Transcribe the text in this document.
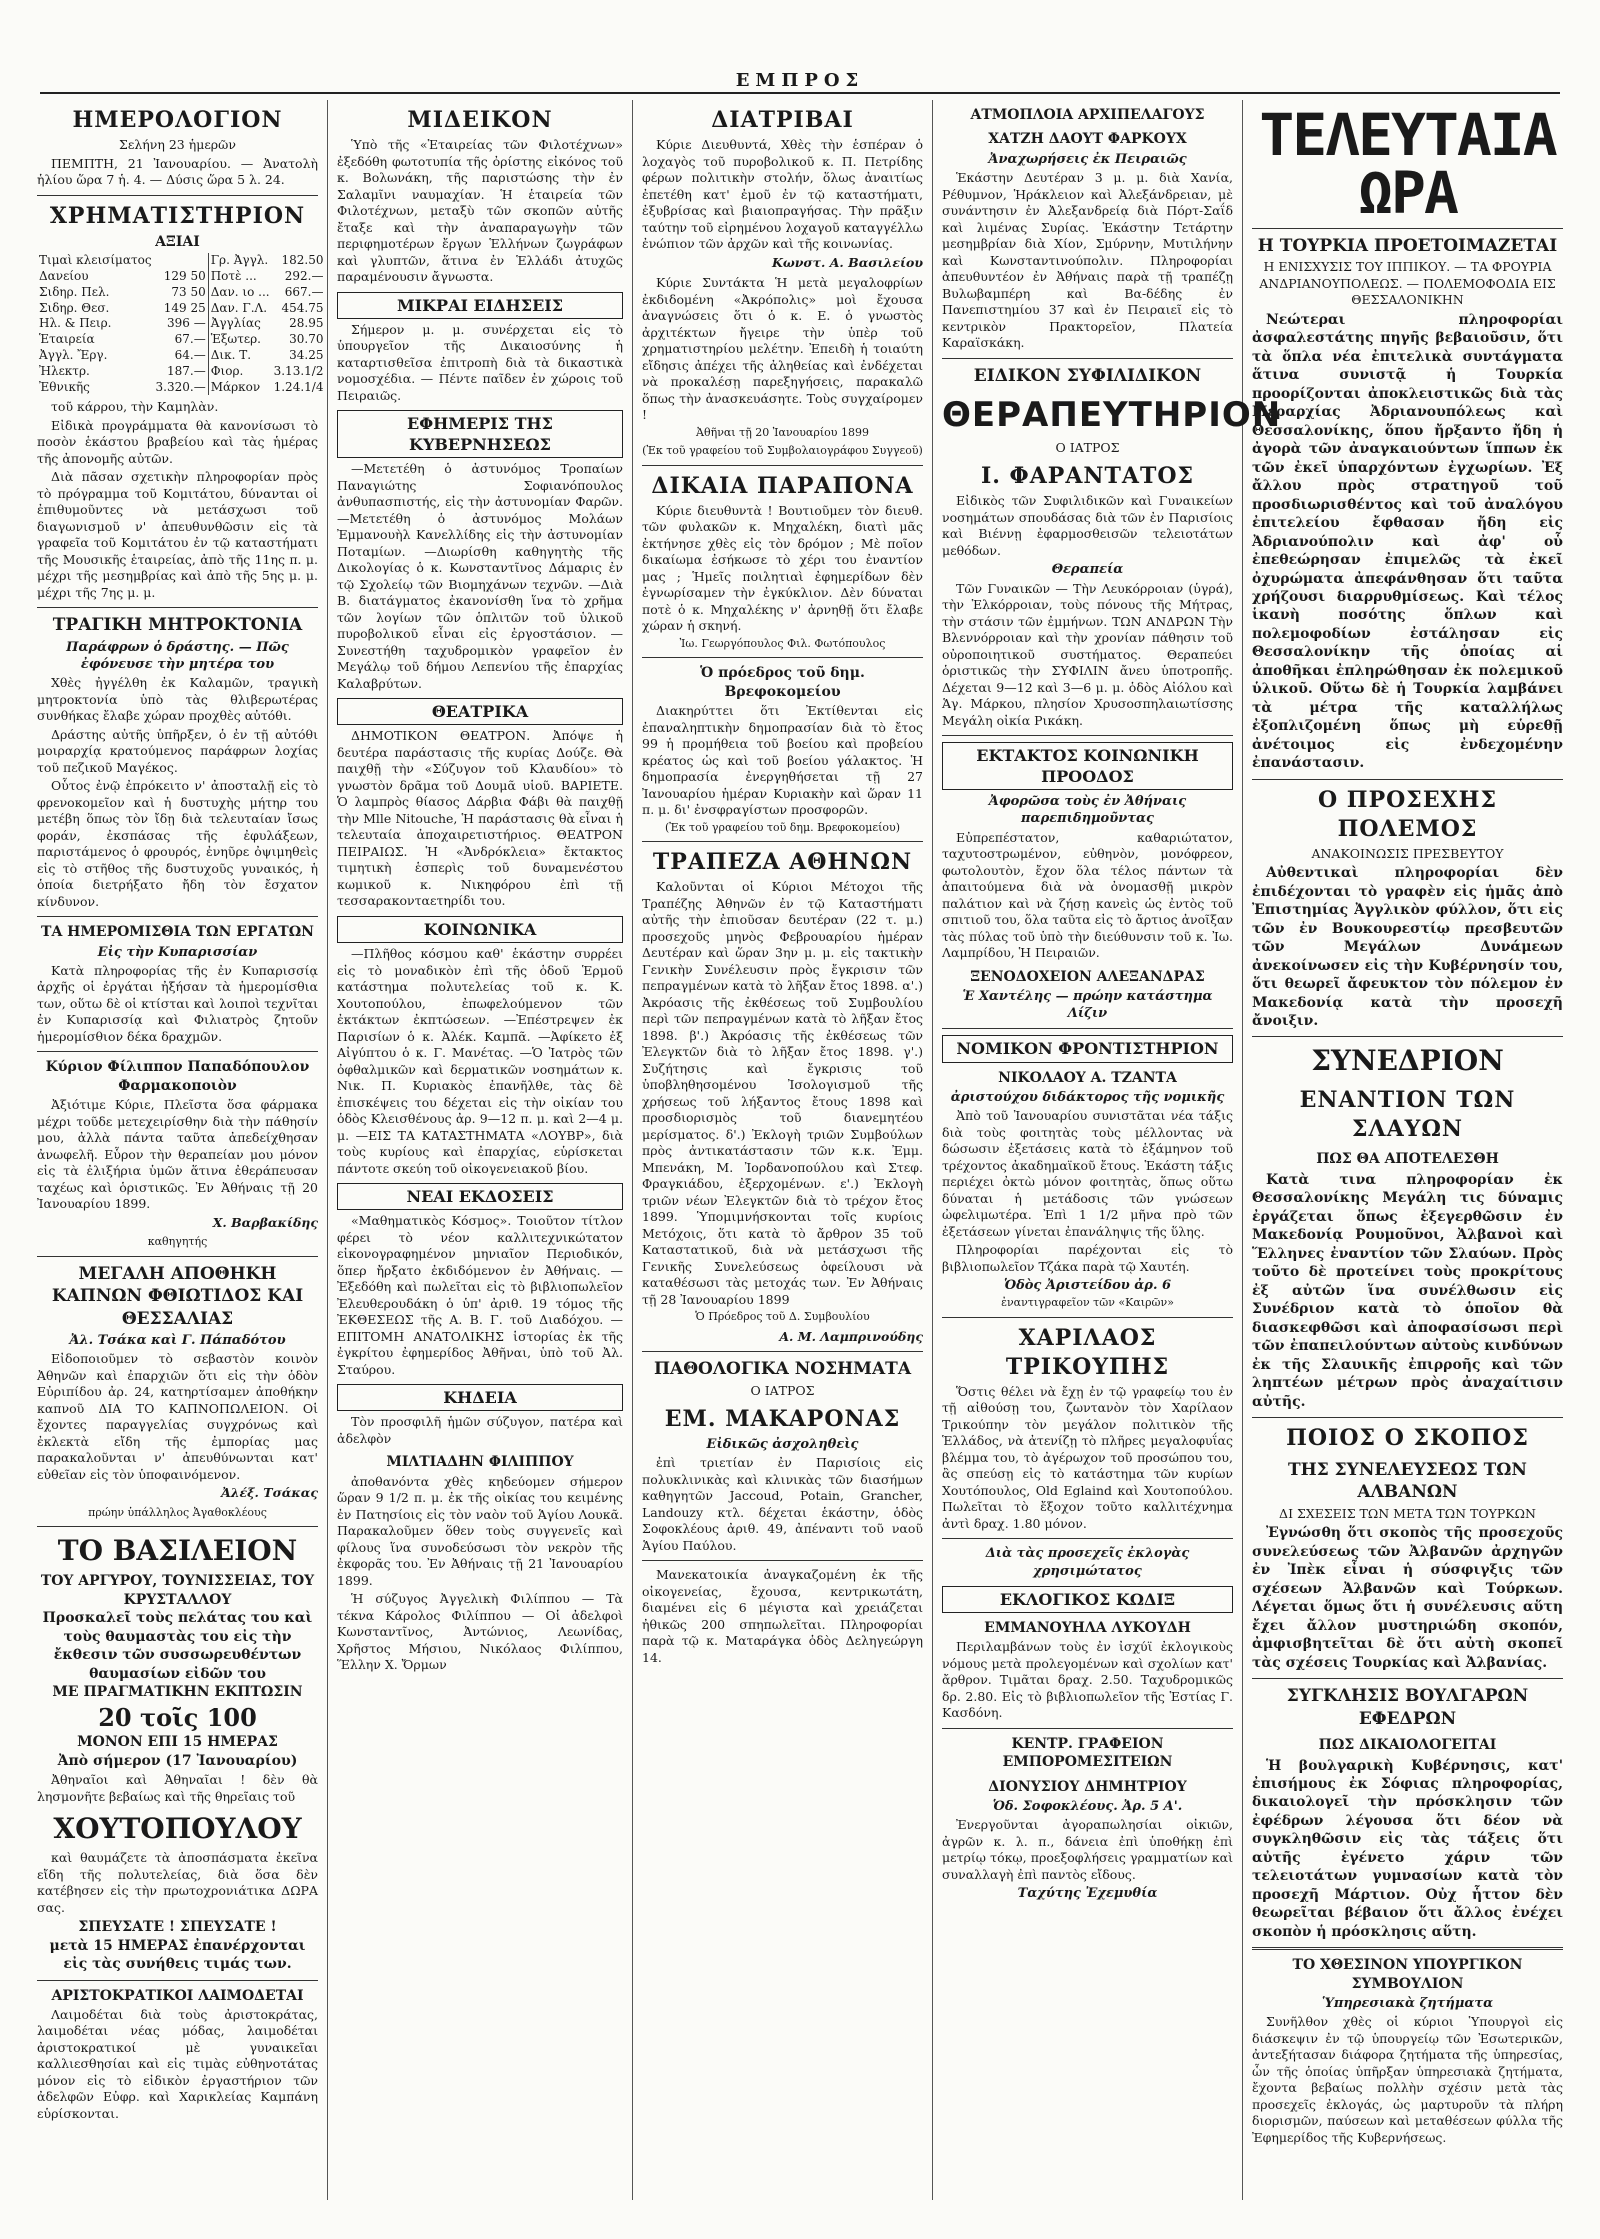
ΕΜΠΡΟΣ
ΗΜΕΡΟΛΟΓΙΟΝ
Σελήνη 23 ἡμερῶν

ΠΕΜΠΤΗ, 21 Ἰανουαρίου. — Ἀνατολὴ ἡλίου ὥρα 7 ἡ. 4. — Δύσις ὥρα 5 λ. 24.

ΧΡΗΜΑΤΙΣΤΗΡΙΟΝ
ΑΞΙΑΙ
Τιμαὶ κλεισίματος		Γρ. Ἀγγλ.	182.50
Δανείου	129 50	Ποτὲ ...	292.—
Σιδηρ. Πελ.	73 50	Δαν. ιο ...	667.—
Σιδηρ. Θεσ.	149 25	Δαν. Γ.Λ.	454.75
Ηλ. & Πειρ.	396 —	Ἀγγλίας	28.95
Ἑταιρεία	67.—	Ἑξωτερ.	30.70
Ἀγγλ. Ἔργ.	64.—	Δικ. Τ.	34.25
Ἠλεκτρ.	187.—	Φιορ.	3.13.1/2
Ἐθνικῆς	3.320.—	Μάρκον	1.24.1/4

τοῦ κάρρου, τὴν Καμηλὰν.

Εἰδικὰ προγράμματα θὰ κανονίσωσι τὸ ποσὸν ἑκάστου βραβείου καὶ τὰς ἡμέρας τῆς ἀπονομῆς αὐτῶν.

Διὰ πᾶσαν σχετικὴν πληροφορίαν πρὸς τὸ πρόγραμμα τοῦ Κομιτάτου, δύνανται οἱ ἐπιθυμοῦντες νὰ μετάσχωσι τοῦ διαγωνισμοῦ ν' ἀπευθυνθῶσιν εἰς τὰ γραφεῖα τοῦ Κομιτάτου ἐν τῷ καταστήματι τῆς Μουσικῆς ἑταιρείας, ἀπὸ τῆς 11ης π. μ. μέχρι τῆς μεσημβρίας καὶ ἀπὸ τῆς 5ης μ. μ. μέχρι τῆς 7ης μ. μ.

ΤΡΑΓΙΚΗ ΜΗΤΡΟΚΤΟΝΙΑ
Παράφρων ὁ δράστης. — Πῶς ἐφόνευσε τὴν μητέρα του

Χθὲς ἠγγέλθη ἐκ Καλαμῶν, τραγικὴ μητροκτονία ὑπὸ τὰς θλιβερωτέρας συνθήκας ἔλαβε χώραν προχθὲς αὐτόθι.

Δράστης αὐτῆς ὑπῆρξεν, ὁ ἐν τῇ αὐτόθι μοιραρχίᾳ κρατούμενος παράφρων λοχίας τοῦ πεζικοῦ Μαγέκος.

Οὗτος ἐνῷ ἐπρόκειτο ν' ἀποσταλῇ εἰς τὸ φρενοκομεῖον καὶ ἡ δυστυχὴς μήτηρ του μετέβη ὅπως τὸν ἴδῃ διὰ τελευταίαν ἴσως φοράν, ἐκσπάσας τῆς ἐφυλάξεων, παριστάμενος ὁ φρουρός, ἐνηῦρε ὀψιμηθεὶς εἰς τὸ στῆθος τῆς δυστυχοῦς γυναικός, ἡ ὁποία διετρήξατο ἤδη τὸν ἔσχατον κίνδυνον.

ΤΑ ΗΜΕΡΟΜΙΣΘΙΑ ΤΩΝ ΕΡΓΑΤΩΝ
Εἰς τὴν Κυπαρισσίαν

Κατὰ πληροφορίας τῆς ἐν Κυπαρισσίᾳ ἀρχῆς οἱ ἐργάται ἠξήσαν τὰ ἡμερομίσθια των, οὕτω δὲ οἱ κτίσται καὶ λοιποὶ τεχνῖται ἐν Κυπαρισσίᾳ καὶ Φιλιατρὸς ζητοῦν ἡμερομίσθιον δέκα δραχμῶν.

Κύριον Φίλιππον Παπαδόπουλον Φαρμακοποιὸν

Ἀξιότιμε Κύριε, Πλεῖστα ὅσα φάρμακα μέχρι τοῦδε μετεχειρίσθην διὰ τὴν πάθησίν μου, ἀλλὰ πάντα ταῦτα ἀπεδείχθησαν ἀνωφελῆ. Εὗρον τὴν θεραπείαν μου μόνον εἰς τὰ ἐλιξήρια ὑμῶν ἅτινα ἐθεράπευσαν ταχέως καὶ ὁριστικῶς. Ἐν Ἀθήναις τῇ 20 Ἰανουαρίου 1899.

Χ. Βαρβακίδης
καθηγητής
ΜΕΓΑΛΗ ΑΠΟΘΗΚΗ ΚΑΠΝΩΝ ΦΘΙΩΤΙΔΟΣ ΚΑΙ ΘΕΣΣΑΛΙΑΣ
Ἀλ. Τσάκα καὶ Γ. Πάπαδότου

Εἰδοποιοῦμεν τὸ σεβαστὸν κοινὸν Ἀθηνῶν καὶ ἐπαρχιῶν ὅτι εἰς τὴν ὁδὸν Εὐριπίδου ἀρ. 24, κατηρτίσαμεν ἀποθήκην καπνοῦ ΔΙΑ ΤΟ ΚΑΠΝΟΠΩΛΕΙΟΝ. Οἱ ἔχοντες παραγγελίας συγχρόνως καὶ ἐκλεκτὰ εἴδη τῆς ἐμπορίας μας παρακαλοῦνται ν' ἀπευθύνωνται κατ' εὐθεῖαν εἰς τὸν ὑποφαινόμενον.

Ἀλέξ. Τσάκας
πρώην ὑπάλληλος Ἀγαθοκλέους
ΤΟ ΒΑΣΙΛΕΙΟΝ
ΤΟΥ ΑΡΓΥΡΟΥ, ΤΟΥΝΙΣΣΕΙΑΣ, ΤΟΥ ΚΡΥΣΤΑΛΛΟΥ
Προσκαλεῖ τοὺς πελάτας του καὶ τοὺς θαυμαστὰς του εἰς τὴν ἔκθεσιν τῶν συσσωρευθέντων θαυμασίων εἰδῶν του
ΜΕ ΠΡΑΓΜΑΤΙΚΗΝ ΕΚΠΤΩΣΙΝ
20 τοῖς 100
ΜΟΝΟΝ ΕΠΙ 15 ΗΜΕΡΑΣ
Ἀπὸ σήμερον (17 Ἰανουαρίου)

Ἀθηναῖοι καὶ Ἀθηναῖαι ! δὲν θὰ λησμονῆτε βεβαίως καὶ τῆς θηρεῖαις τοῦ

ΧΟΥΤΟΠΟΥΛΟΥ

καὶ θαυμάζετε τὰ ἀποσπάσματα ἐκεῖνα εἴδη τῆς πολυτελείας, διὰ ὅσα δὲν κατέβησεν εἰς τὴν πρωτοχρονιάτικα ΔΩΡΑ σας.

ΣΠΕΥΣΑΤΕ ! ΣΠΕΥΣΑΤΕ !
μετὰ 15 ΗΜΕΡΑΣ ἐπανέρχονται εἰς τὰς συνήθεις τιμάς των.
ΑΡΙΣΤΟΚΡΑΤΙΚΟΙ ΛΑΙΜΟΔΕΤΑΙ

Λαιμοδέται διὰ τοὺς ἀριστοκράτας, λαιμοδέται νέας μόδας, λαιμοδέται ἀριστοκρατικοί μὲ γυναικεῖαι καλλιεσθησίαι καὶ εἰς τιμὰς εὐθηνοτάτας μόνον εἰς τὸ εἰδικὸν ἐργαστήριον τῶν ἀδελφῶν Εὐφρ. καὶ Χαρικλείας Καμπάνη εὑρίσκονται.

ΜΙΔΕΙΚΟΝ

Ὑπὸ τῆς «Ἑταιρείας τῶν Φιλοτέχνων» ἐξεδόθη φωτοτυπία τῆς ὀρίστης εἰκόνος τοῦ κ. Βολωνάκη, τῆς παριστώσης τὴν ἐν Σαλαμῖνι ναυμαχίαν. Ἡ ἑταιρεία τῶν Φιλοτέχνων, μεταξὺ τῶν σκοπῶν αὐτῆς ἔταξε καὶ τὴν ἀναπαραγωγὴν τῶν περιφημοτέρων ἔργων Ἑλλήνων ζωγράφων καὶ γλυπτῶν, ἅτινα ἐν Ἑλλάδι ἀτυχῶς παραμένουσιν ἄγνωστα.

ΜΙΚΡΑΙ ΕΙΔΗΣΕΙΣ

Σήμερον μ. μ. συνέρχεται εἰς τὸ ὑπουργεῖον τῆς Δικαιοσύνης ἡ καταρτισθεῖσα ἐπιτροπὴ διὰ τὰ δικαστικὰ νομοσχέδια. — Πέντε παῖδεν ἐν χώροις τοῦ Πειραιῶς.

ΕΦΗΜΕΡΙΣ ΤΗΣ ΚΥΒΕΡΝΗΣΕΩΣ

—Μετετέθη ὁ ἀστυνόμος Τροπαίων Παναγιώτης Σοφιανόπουλος ἀνθυπασπιστής, εἰς τὴν ἀστυνομίαν Φαρῶν. —Μετετέθη ὁ ἀστυνόμος Μολάων Ἐμμανουὴλ Κανελλίδης εἰς τὴν ἀστυνομίαν Ποταμίων. —Διωρίσθη καθηγητὴς τῆς Δικολογίας ὁ κ. Κωνσταντῖνος Δάμαρις ἐν τῷ Σχολείῳ τῶν Βιομηχάνων τεχνῶν. —Διὰ Β. διατάγματος ἐκανονίσθη ἵνα τὸ χρῆμα τῶν λογίων τῶν ὁπλιτῶν τοῦ ὑλικοῦ πυροβολικοῦ εἶναι εἰς ἐργοστάσιον. —Συνεστήθη ταχυδρομικὸν γραφεῖον ἐν Μεγάλῳ τοῦ δήμου Λεπενίου τῆς ἐπαρχίας Καλαβρύτων.

ΘΕΑΤΡΙΚΑ

ΔΗΜΟΤΙΚΟΝ ΘΕΑΤΡΟΝ. Ἀπόψε ἡ δευτέρα παράστασις τῆς κυρίας Δούζε. Θὰ παιχθῇ τὴν «Σύζυγον τοῦ Κλαυδίου» τὸ γνωστὸν δρᾶμα τοῦ Δουμᾶ υἱοῦ. ΒΑΡΙΕΤΕ. Ὁ λαμπρὸς θίασος Δάρβια Φάβι θὰ παιχθῇ τὴν Mlle Nitouche, Ἡ παράστασις θὰ εἶναι ἡ τελευταία ἀποχαιρετιστήριος. ΘΕΑΤΡΟΝ ΠΕΙΡΑΙΩΣ. Ἡ «Ἀνδρόκλεια» ἔκτακτος τιμητικὴ ἑσπερὶς τοῦ δυναμενέστου κωμικοῦ κ. Νικηφόρου ἐπὶ τῇ τεσσαρακονταετηρίδι του.

ΚΟΙΝΩΝΙΚΑ

—Πλῆθος κόσμου καθ' ἑκάστην συρρέει εἰς τὸ μοναδικὸν ἐπὶ τῆς ὁδοῦ Ἑρμοῦ κατάστημα πολυτελείας τοῦ κ. Κ. Χουτοπούλου, ἐπωφελούμενον τῶν ἐκτάκτων ἐκπτώσεων. —Ἐπέστρεψεν ἐκ Παρισίων ὁ κ. Ἀλέκ. Καμπᾶ. —Ἀφίκετο ἐξ Αἰγύπτου ὁ κ. Γ. Μανέτας. —Ὁ Ἰατρὸς τῶν ὀφθαλμικῶν καὶ δερματικῶν νοσημάτων κ. Νικ. Π. Κυριακὸς ἐπανῆλθε, τὰς δὲ ἐπισκέψεις του δέχεται εἰς τὴν οἰκίαν του ὁδὸς Κλεισθένους ἀρ. 9—12 π. μ. καὶ 2—4 μ. μ. —ΕΙΣ ΤΑ ΚΑΤΑΣΤΗΜΑΤΑ «ΛΟΥΒΡ», διὰ τοὺς κυρίους καὶ ἐπαρχίας, εὑρίσκεται πάντοτε σκεύη τοῦ οἰκογενειακοῦ βίου.

ΝΕΑΙ ΕΚΔΟΣΕΙΣ

«Μαθηματικὸς Κόσμος». Τοιοῦτον τίτλον φέρει τὸ νέον καλλιτεχνικώτατον εἰκονογραφημένον μηνιαῖον Περιοδικόν, ὅπερ ἤρξατο ἐκδιδόμενον ἐν Ἀθήναις. —Ἐξεδόθη καὶ πωλεῖται εἰς τὸ βιβλιοπωλεῖον Ἐλευθερουδάκη ὁ ὑπ' ἀριθ. 19 τόμος τῆς ἘΚΘΕΣΕΩΣ τῆς Α. Β. Γ. τοῦ Διαδόχου. — ΕΠΙΤΟΜΗ ΑΝΑΤΟΛΙΚΗΣ ἱστορίας ἐκ τῆς ἐγκρίτου ἐφημερίδος Ἀθῆναι, ὑπὸ τοῦ Ἀλ. Σταύρου.

ΚΗΔΕΙΑ

Τὸν προσφιλῆ ἡμῶν σύζυγον, πατέρα καὶ ἀδελφὸν

ΜΙΛΤΙΑΔΗΝ ΦΙΛΙΠΠΟΥ

ἀποθανόντα χθὲς κηδεύομεν σήμερον ὥραν 9 1/2 π. μ. ἐκ τῆς οἰκίας του κειμένης ἐν Πατησίοις εἰς τὸν ναὸν τοῦ Ἁγίου Λουκᾶ. Παρακαλοῦμεν ὅθεν τοὺς συγγενεῖς καὶ φίλους ἵνα συνοδεύσωσι τὸν νεκρὸν τῆς ἐκφορᾶς του. Ἐν Ἀθήναις τῇ 21 Ἰανουαρίου 1899.

Ἡ σύζυγος Ἀγγελικὴ Φιλίππου — Τὰ τέκνα Κάρολος Φιλίππου — Οἱ ἀδελφοὶ Κωνσταντῖνος, Ἀντώνιος, Λεωνίδας, Χρῆστος Μήσιου, Νικόλαος Φιλίππου, Ἕλλην Χ. Ὄρμων

ΔΙΑΤΡΙΒΑΙ

Κύριε Διευθυντά, Χθὲς τὴν ἑσπέραν ὁ λοχαγὸς τοῦ πυροβολικοῦ κ. Π. Πετρίδης φέρων πολιτικὴν στολήν, ὅλως ἀναιτίως ἐπετέθη κατ' ἐμοῦ ἐν τῷ καταστήματι, ἐξυβρίσας καὶ βιαιοπραγήσας. Τὴν πρᾶξιν ταύτην τοῦ εἰρημένου λοχαγοῦ καταγγέλλω ἐνώπιον τῶν ἀρχῶν καὶ τῆς κοινωνίας.

Κωνστ. Α. Βασιλείου

Κύριε Συντάκτα Ἡ μετὰ μεγαλοφρίων ἐκδιδομένη «Ἀκρόπολις» μοὶ ἔχουσα ἀναγνώσεις ὅτι ὁ κ. Ε. ὁ γνωστὸς ἀρχιτέκτων ἤγειρε τὴν ὑπὲρ τοῦ χρηματιστηρίου μελέτην. Ἐπειδὴ ἡ τοιαύτη εἴδησις ἀπέχει τῆς ἀληθείας καὶ ἐνδέχεται νὰ προκαλέσῃ παρεξηγήσεις, παρακαλῶ ὅπως τὴν ἀνασκευάσητε. Τοὺς συγχαίρομεν !

Ἀθῆναι τῇ 20 Ἰανουαρίου 1899
(Ἐκ τοῦ γραφείου τοῦ Συμβολαιογράφου Συγγεοῦ)
ΔΙΚΑΙΑ ΠΑΡΑΠΟΝΑ

Κύριε διευθυντὰ ! Βουτιοῦμεν τὸν διευθ. τῶν φυλακῶν κ. Μηχαλέκη, διατὶ μᾶς ἐκτήνησε χθὲς εἰς τὸν δρόμον ; Μὲ ποῖον δικαίωμα ἐσήκωσε τὸ χέρι του ἐναντίον μας ; Ἡμεῖς ποιλητιαὶ ἐφημερίδων δὲν ἐγνωρίσαμεν τὴν ἐγκύκλιον. Δὲν δύναται ποτὲ ὁ κ. Μηχαλέκης ν' ἀρνηθῇ ὅτι ἔλαβε χώραν ἡ σκηνή.

Ἰω. Γεωργόπουλος Φιλ. Φωτόπουλος
Ὁ πρόεδρος τοῦ δημ. Βρεφοκομείου

Διακηρύττει ὅτι Ἐκτίθενται εἰς ἐπαναληπτικὴν δημοπρασίαν διὰ τὸ ἔτος 99 ἡ προμήθεια τοῦ βοείου καὶ προβείου κρέατος ὡς καὶ τοῦ βοείου γάλακτος. Ἡ δημοπρασία ἐνεργηθήσεται τῇ 27 Ἰανουαρίου ἡμέραν Κυριακὴν καὶ ὥραν 11 π. μ. δι' ἐνσφραγίστων προσφορῶν.

(Ἐκ τοῦ γραφείου τοῦ δημ. Βρεφοκομείου)
ΤΡΑΠΕΖΑ ΑΘΗΝΩΝ

Καλοῦνται οἱ Κύριοι Μέτοχοι τῆς Τραπέζης Ἀθηνῶν ἐν τῷ Καταστήματι αὐτῆς τὴν ἐπιοῦσαν δευτέραν (22 τ. μ.) προσεχοῦς μηνὸς Φεβρουαρίου ἡμέραν Δευτέραν καὶ ὥραν 3ην μ. μ. εἰς τακτικὴν Γενικὴν Συνέλευσιν πρὸς ἔγκρισιν τῶν πεπραγμένων κατὰ τὸ λῆξαν ἔτος 1898. α'.) Ἀκρόασις τῆς ἐκθέσεως τοῦ Συμβουλίου περὶ τῶν πεπραγμένων κατὰ τὸ λῆξαν ἔτος 1898. β'.) Ἀκρόασις τῆς ἐκθέσεως τῶν Ἐλεγκτῶν διὰ τὸ λῆξαν ἔτος 1898. γ'.) Συζήτησις καὶ ἔγκρισις τοῦ ὑποβληθησομένου Ἰσολογισμοῦ τῆς χρήσεως τοῦ λήξαντος ἔτους 1898 καὶ προσδιορισμὸς τοῦ διανεμητέου μερίσματος. δ'.) Ἐκλογὴ τριῶν Συμβούλων πρὸς ἀντικατάστασιν τῶν κ.κ. Ἐμμ. Μπενάκη, Μ. Ἰορδανοπούλου καὶ Στεφ. Φραγκιάδου, ἐξερχομένων. ε'.) Ἐκλογὴ τριῶν νέων Ἐλεγκτῶν διὰ τὸ τρέχον ἔτος 1899. Ὑπομιμνήσκονται τοῖς κυρίοις Μετόχοις, ὅτι κατὰ τὸ ἄρθρον 35 τοῦ Καταστατικοῦ, διὰ νὰ μετάσχωσι τῆς Γενικῆς Συνελεύσεως ὀφείλουσι νὰ καταθέσωσι τὰς μετοχάς των. Ἐν Ἀθήναις τῇ 28 Ἰανουαρίου 1899

Ὁ Πρόεδρος τοῦ Δ. Συμβουλίου
Α. Μ. Λαμπρινούδης
ΠΑΘΟΛΟΓΙΚΑ ΝΟΣΗΜΑΤΑ
Ο ΙΑΤΡΟΣ
ΕΜ. ΜΑΚΑΡΟΝΑΣ
Εἰδικῶς ἀσχοληθεὶς

ἐπὶ τριετίαν ἐν Παρισίοις εἰς πολυκλινικὰς καὶ κλινικὰς τῶν διασήμων καθηγητῶν Jaccoud, Potain, Grancher, Landouzy κτλ. δέχεται ἑκάστην, ὁδὸς Σοφοκλέους ἀριθ. 49, ἀπέναντι τοῦ ναοῦ Ἁγίου Παύλου.

Μανεκατοικία ἀναγκαζομένη ἐκ τῆς οἰκογενείας, ἔχουσα, κεντρικωτάτη, διαμένει εἰς 6 μέγιστα καὶ χρειάζεται ἠθικῶς 200 σπηπωλεῖται. Πληροφορίαι παρὰ τῷ κ. Ματαράγκα ὁδὸς Δεληγεώργη 14.

ΑΤΜΟΠΛΟΙΑ ΑΡΧΙΠΕΛΑΓΟΥΣ
ΧΑΤΖΗ ΔΑΟΥΤ ΦΑΡΚΟΥΧ
Ἀναχωρήσεις ἐκ Πειραιῶς

Ἑκάστην Δευτέραν 3 μ. μ. διὰ Χανία, Ρέθυμνον, Ἡράκλειον καὶ Ἀλεξάνδρειαν, μὲ συνάντησιν ἐν Ἀλεξανδρείᾳ διὰ Πόρτ-Σαΐδ καὶ λιμένας Συρίας. Ἑκάστην Τετάρτην μεσημβρίαν διὰ Χίον, Σμύρνην, Μυτιλήνην καὶ Κωνσταντινούπολιν. Πληροφορίαι ἀπευθυντέον ἐν Ἀθήναις παρὰ τῇ τραπέζῃ Βυλωβαμπέρη καὶ Βα-δέδης ἐν Πανεπιστημίου 37 καὶ ἐν Πειραιεῖ εἰς τὸ κεντρικὸν Πρακτορεῖον, Πλατεία Καραϊσκάκη.

ΕΙΔΙΚΟΝ ΣΥΦΙΛΙΔΙΚΟΝ
ΘΕΡΑΠΕΥΤΗΡΙΟΝ
Ο ΙΑΤΡΟΣ
Ι. ΦΑΡΑΝΤΑΤΟΣ

Εἰδικὸς τῶν Συφιλιδικῶν καὶ Γυναικείων νοσημάτων σπουδάσας διὰ τῶν ἐν Παρισίοις καὶ Βιέννῃ ἐφαρμοσθεισῶν τελειοτάτων μεθόδων.

Θεραπεία

Τῶν Γυναικῶν — Τὴν Λευκόρροιαν (ὑγρά), τὴν Ἑλκόρροιαν, τοὺς πόνους τῆς Μήτρας, τὴν στάσιν τῶν ἐμμήνων. ΤΩΝ ΑΝΔΡΩΝ Τὴν Βλεννόρροιαν καὶ τὴν χρονίαν πάθησιν τοῦ οὐροποιητικοῦ συστήματος. Θεραπεύει ὁριστικῶς τὴν ΣΥΦΙΛΙΝ ἄνευ ὑποτροπῆς. Δέχεται 9—12 καὶ 3—6 μ. μ. ὁδὸς Αἰόλου καὶ Ἁγ. Μάρκου, πλησίον Χρυσοσπηλαιωτίσσης Μεγάλη οἰκία Ρικάκη.

ΕΚΤΑΚΤΟΣ ΚΟΙΝΩΝΙΚΗ ΠΡΟΟΔΟΣ
Ἀφορῶσα τοὺς ἐν Ἀθήναις παρεπιδημοῦντας

Εὐπρεπέστατον, καθαριώτατον, ταχυτοστρωμένον, εὐθηνὸν, μονόφρεον, φωτολουτὸν, ἔχον ὅλα τέλος πάντων τὰ ἀπαιτούμενα διὰ νὰ ὀνομασθῇ μικρὸν παλάτιον καὶ νὰ ζήσῃ κανεὶς ὡς ἐντὸς τοῦ σπιτιοῦ του, ὅλα ταῦτα εἰς τὸ ἄρτιος ἀνοῖξαν τὰς πύλας τοῦ ὑπὸ τὴν διεύθυνσιν τοῦ κ. Ἰω. Λαμπρίδου, Ἡ Πειραιῶν.

ΞΕΝΟΔΟΧΕΙΟΝ ΑΛΕΞΑΝΔΡΑΣ
Ἑ Χαντέλης — πρώην κατάστημα Λίζιν
ΝΟΜΙΚΟΝ ΦΡΟΝΤΙΣΤΗΡΙΟΝ
ΝΙΚΟΛΑΟΥ Α. ΤΖΑΝΤΑ
ἀριστούχου διδάκτορος τῆς νομικῆς

Ἀπὸ τοῦ Ἰανουαρίου συνιστᾶται νέα τάξις διὰ τοὺς φοιτητὰς τοὺς μέλλοντας νὰ δώσωσιν ἐξετάσεις κατὰ τὸ ἑξάμηνον τοῦ τρέχοντος ἀκαδημαϊκοῦ ἔτους. Ἑκάστη τάξις περιέχει ὀκτὼ μόνον φοιτητὰς, ὅπως οὕτω δύναται ἡ μετάδοσις τῶν γνώσεων ὠφελιμωτέρα. Ἐπὶ 1 1/2 μῆνα πρὸ τῶν ἐξετάσεων γίνεται ἐπανάληψις τῆς ὕλης.

Πληροφορίαι παρέχονται εἰς τὸ βιβλιοπωλεῖον Τζάκα παρὰ τῷ Χαυτέη.

Ὁδὸς Ἀριστείδου ἀρ. 6
ἐναντιγραφεῖον τῶν «Καιρῶν»
ΧΑΡΙΛΑΟΣ ΤΡΙΚΟΥΠΗΣ

Ὅστις θέλει νὰ ἔχῃ ἐν τῷ γραφείῳ του ἐν τῇ αἰθούσῃ του, ζωντανὸν τὸν Χαρίλαον Τρικούπην τὸν μεγάλον πολιτικὸν τῆς Ἑλλάδος, νὰ ἀτενίζῃ τὸ πλῆρες μεγαλοφυΐας βλέμμα του, τὸ ἀγέρωχον τοῦ προσώπου του, ἂς σπεύσῃ εἰς τὸ κατάστημα τῶν κυρίων Χουτόπουλος, Old Eglaind καὶ Χουτοπούλου. Πωλεῖται τὸ ἔξοχον τοῦτο καλλιτέχνημα ἀντὶ δραχ. 1.80 μόνον.

Διὰ τὰς προσεχεῖς ἐκλογὰς χρησιμώτατος
ΕΚΛΟΓΙΚΟΣ ΚΩΔΙΞ
ΕΜΜΑΝΟΥΗΛΑ ΛΥΚΟΥΔΗ

Περιλαμβάνων τοὺς ἐν ἰσχύϊ ἐκλογικοὺς νόμους μετὰ προλεγομένων καὶ σχολίων κατ' ἄρθρον. Τιμᾶται δραχ. 2.50. Ταχυδρομικῶς δρ. 2.80. Εἰς τὸ βιβλιοπωλεῖον τῆς Ἑστίας Γ. Κασδόνη.

ΚΕΝΤΡ. ΓΡΑΦΕΙΟΝ ΕΜΠΟΡΟΜΕΣΙΤΕΙΩΝ
ΔΙΟΝΥΣΙΟΥ ΔΗΜΗΤΡΙΟΥ
Ὁδ. Σοφοκλέους. Ἀρ. 5 Α'.

Ἐνεργοῦνται ἀγοραπωλησίαι οἰκιῶν, ἀγρῶν κ. λ. π., δάνεια ἐπὶ ὑποθήκῃ ἐπὶ μετρίῳ τόκῳ, προεξοφλήσεις γραμματίων καὶ συναλλαγὴ ἐπὶ παντὸς εἴδους.

Ταχύτης Ἐχεμυθία
ΤΕΛΕΥΤΑΙΑ ΩΡΑ
Η ΤΟΥΡΚΙΑ ΠΡΟΕΤΟΙΜΑΖΕΤΑΙ
Η ΕΝΙΣΧΥΣΙΣ ΤΟΥ ΙΠΠΙΚΟΥ. — ΤΑ ΦΡΟΥΡΙΑ ΑΝΔΡΙΑΝΟΥΠΟΛΕΩΣ. — ΠΟΛΕΜΟΦΟΔΙΑ ΕΙΣ ΘΕΣΣΑΛΟΝΙΚΗΝ

Νεώτεραι πληροφορίαι ἀσφαλεστάτης πηγῆς βεβαιοῦσιν, ὅτι τὰ ὅπλα νέα ἐπιτελικὰ συντάγματα ἅτινα συνιστᾷ ἡ Τουρκία προορίζονται ἀποκλειστικῶς διὰ τὰς Μεραρχίας Ἀδριανουπόλεως καὶ Θεσσαλονίκης, ὅπου ἤρξαντο ἤδη ἡ ἀγορὰ τῶν ἀναγκαιούντων ἵππων ἐκ τῶν ἐκεῖ ὑπαρχόντων ἐγχωρίων. Ἐξ ἄλλου πρὸς στρατηγοῦ τοῦ προσδιωρισθέντος καὶ τοῦ ἀναλόγου ἐπιτελείου ἔφθασαν ἤδη εἰς Ἀδριανούπολιν καὶ ἀφ' οὗ ἐπεθεώρησαν ἐπιμελῶς τὰ ἐκεῖ ὀχυρώματα ἀπεφάνθησαν ὅτι ταῦτα χρήζουσι διαρρυθμίσεως. Καὶ τέλος ἱκανὴ ποσότης ὅπλων καὶ πολεμοφοδίων ἐστάλησαν εἰς Θεσσαλονίκην τῆς ὁποίας αἱ ἀποθῆκαι ἐπληρώθησαν ἐκ πολεμικοῦ ὑλικοῦ. Οὕτω δὲ ἡ Τουρκία λαμβάνει τὰ μέτρα τῆς καταλλήλως ἐξοπλιζομένη ὅπως μὴ εὑρεθῇ ἀνέτοιμος εἰς ἐνδεχομένην ἐπανάστασιν.

Ο ΠΡΟΣΕΧΗΣ ΠΟΛΕΜΟΣ
ΑΝΑΚΟΙΝΩΣΙΣ ΠΡΕΣΒΕΥΤΟΥ

Αὐθεντικαὶ πληροφορίαι δὲν ἐπιδέχονται τὸ γραφὲν εἰς ἡμᾶς ἀπὸ Ἐπιστημίας Ἀγγλικὸν φύλλον, ὅτι εἰς τῶν ἐν Βουκουρεστίῳ πρεσβευτῶν τῶν Μεγάλων Δυνάμεων ἀνεκοίνωσεν εἰς τὴν Κυβέρνησίν του, ὅτι θεωρεῖ ἄφευκτον τὸν πόλεμον ἐν Μακεδονίᾳ κατὰ τὴν προσεχῆ ἄνοιξιν.

ΣΥΝΕΔΡΙΟΝ
ΕΝΑΝΤΙΟΝ ΤΩΝ ΣΛΑΥΩΝ
ΠΩΣ ΘΑ ΑΠΟΤΕΛΕΣΘΗ

Κατὰ τινα πληροφορίαν ἐκ Θεσσαλονίκης Μεγάλη τις δύναμις ἐργάζεται ὅπως ἐξεγερθῶσιν ἐν Μακεδονίᾳ Ρουμοῦνοι, Ἀλβανοὶ καὶ Ἕλληνες ἐναντίον τῶν Σλαύων. Πρὸς τοῦτο δὲ προτείνει τοὺς προκρίτους ἐξ αὐτῶν ἵνα συνέλθωσιν εἰς Συνέδριον κατὰ τὸ ὁποῖον θὰ διασκεφθῶσι καὶ ἀποφασίσωσι περὶ τῶν ἐπαπειλούντων αὐτοὺς κινδύνων ἐκ τῆς Σλαυικῆς ἐπιρροῆς καὶ τῶν ληπτέων μέτρων πρὸς ἀναχαίτισιν αὐτῆς.

ΠΟΙΟΣ Ο ΣΚΟΠΟΣ
ΤΗΣ ΣΥΝΕΛΕΥΣΕΩΣ ΤΩΝ ΑΛΒΑΝΩΝ
ΔΙ ΣΧΕΣΕΙΣ ΤΩΝ ΜΕΤΑ ΤΩΝ ΤΟΥΡΚΩΝ

Ἐγνώσθη ὅτι σκοπὸς τῆς προσεχοῦς συνελεύσεως τῶν Ἀλβανῶν ἀρχηγῶν ἐν Ἰπὲκ εἶναι ἡ σύσφιγξις τῶν σχέσεων Ἀλβανῶν καὶ Τούρκων. Λέγεται ὅμως ὅτι ἡ συνέλευσις αὕτη ἔχει ἄλλον μυστηριώδη σκοπόν, ἀμφισβητεῖται δὲ ὅτι αὐτὴ σκοπεῖ τὰς σχέσεις Τουρκίας καὶ Ἀλβανίας.

ΣΥΓΚΛΗΣΙΣ ΒΟΥΛΓΑΡΩΝ ΕΦΕΔΡΩΝ
ΠΩΣ ΔΙΚΑΙΟΛΟΓΕΙΤΑΙ

Ἡ βουλγαρικὴ Κυβέρνησις, κατ' ἐπισήμους ἐκ Σόφιας πληροφορίας, δικαιολογεῖ τὴν πρόσκλησιν τῶν ἐφέδρων λέγουσα ὅτι δέον νὰ συγκληθῶσιν εἰς τὰς τάξεις ὅτι αὐτῆς ἐγένετο χάριν τῶν τελειοτάτων γυμνασίων κατὰ τὸν προσεχῆ Μάρτιον. Οὐχ ἧττον δὲν θεωρεῖται βέβαιον ὅτι ἄλλος ἐνέχει σκοπὸν ἡ πρόσκλησις αὕτη.

ΤΟ ΧΘΕΣΙΝΟΝ ΥΠΟΥΡΓΙΚΟΝ ΣΥΜΒΟΥΛΙΟΝ
Ὑπηρεσιακὰ ζητήματα

Συνῆλθον χθὲς οἱ κύριοι Ὑπουργοὶ εἰς διάσκεψιν ἐν τῷ ὑπουργείῳ τῶν Ἐσωτερικῶν, ἀντεξήτασαν διάφορα ζητήματα τῆς ὑπηρεσίας, ὧν τῆς ὁποίας ὑπῆρξαν ὑπηρεσιακὰ ζητήματα, ἔχοντα βεβαίως πολλὴν σχέσιν μετὰ τὰς προσεχεῖς ἐκλογάς, ὡς μαρτυροῦν τὰ πλήρη διορισμῶν, παύσεων καὶ μεταθέσεων φύλλα τῆς Ἐφημερίδος τῆς Κυβερνήσεως.
